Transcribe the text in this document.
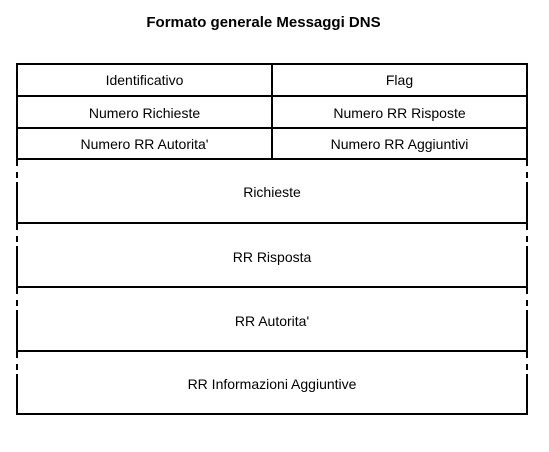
Formato generale Messaggi DNS
Identificativo	Flag
Numero Richieste	Numero RR Risposte
Numero RR Autorita'	Numero RR Aggiuntivi
Richieste
RR Risposta
RR Autorita'
RR Informazioni Aggiuntive
